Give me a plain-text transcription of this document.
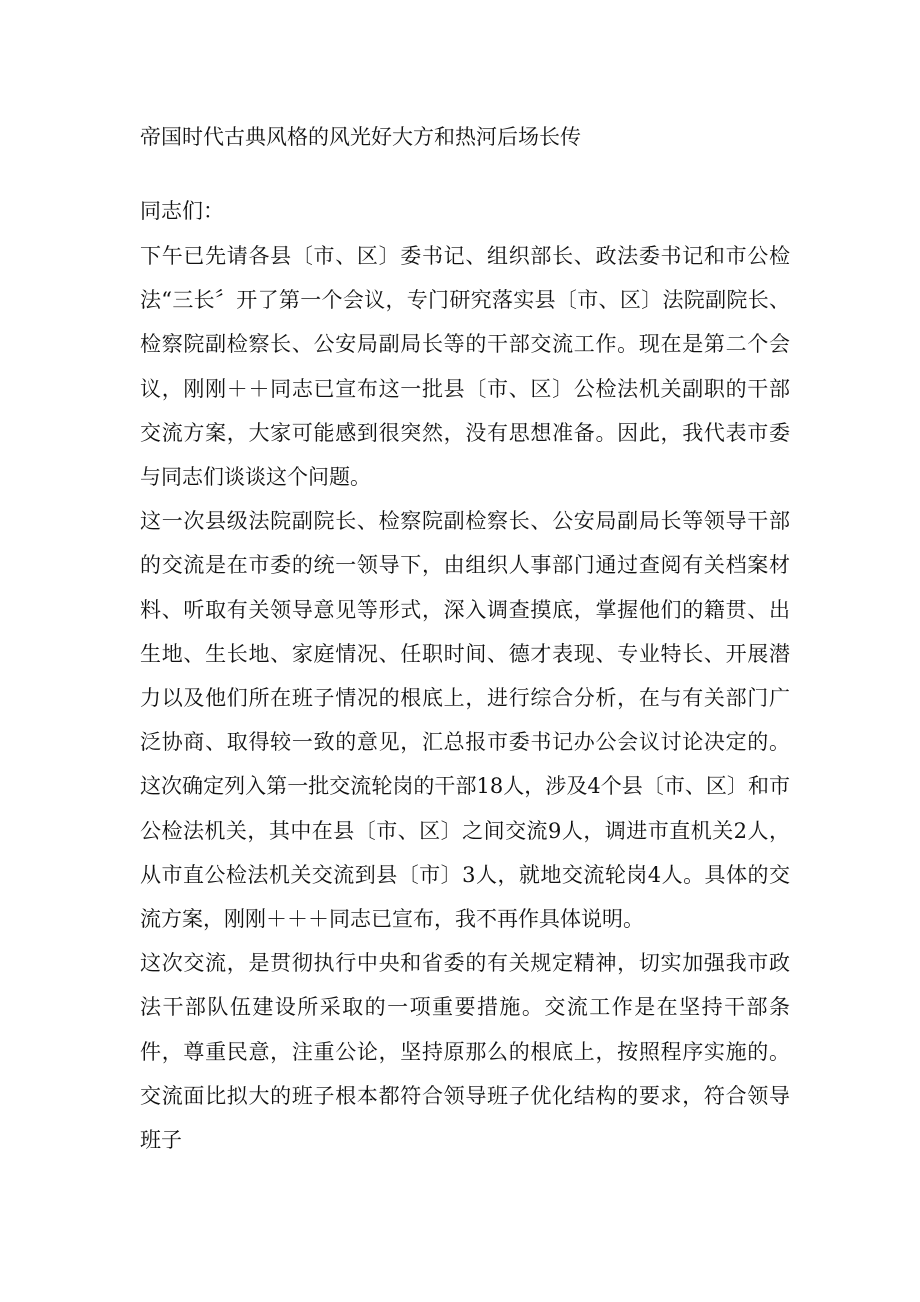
帝国时代古典风格的风光好大方和热河后场长传
同志们：

下午已先请各县〔市、区〕委书记、组织部长、政法委书记和市公检法“三长〞开了第一个会议，专门研究落实县〔市、区〕法院副院长、检察院副检察长、公安局副局长等的干部交流工作。现在是第二个会议，刚刚＋＋同志已宣布这一批县〔市、区〕公检法机关副职的干部交流方案，大家可能感到很突然，没有思想准备。因此，我代表市委与同志们谈谈这个问题。

这一次县级法院副院长、检察院副检察长、公安局副局长等领导干部的交流是在市委的统一领导下，由组织人事部门通过查阅有关档案材料、听取有关领导意见等形式，深入调查摸底，掌握他们的籍贯、出生地、生长地、家庭情况、任职时间、德才表现、专业特长、开展潜力以及他们所在班子情况的根底上，进行综合分析，在与有关部门广泛协商、取得较一致的意见，汇总报市委书记办公会议讨论决定的。这次确定列入第一批交流轮岗的干部18人，涉及4个县〔市、区〕和市公检法机关，其中在县〔市、区〕之间交流9人，调进市直机关2人，从市直公检法机关交流到县〔市〕3人，就地交流轮岗4人。具体的交流方案，刚刚＋＋＋同志已宣布，我不再作具体说明。

这次交流，是贯彻执行中央和省委的有关规定精神，切实加强我市政法干部队伍建设所采取的一项重要措施。交流工作是在坚持干部条件，尊重民意，注重公论，坚持原那么的根底上，按照程序实施的。交流面比拟大的班子根本都符合领导班子优化结构的要求，符合领导班子
